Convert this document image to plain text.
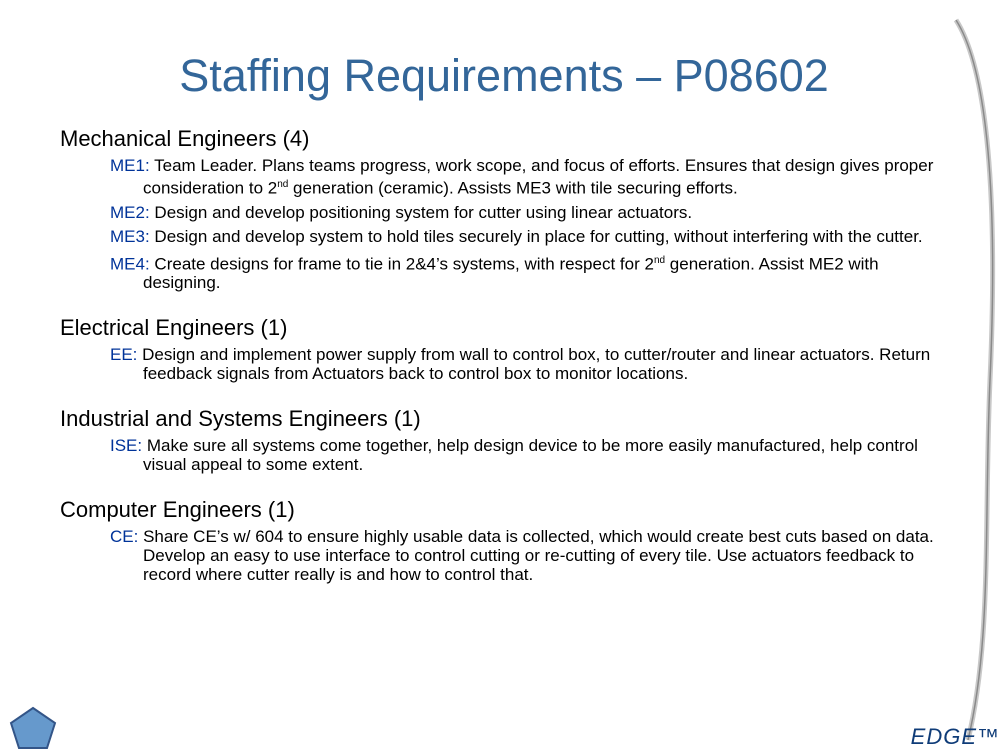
Staffing Requirements – P08602
Mechanical Engineers (4)
ME1: Team Leader. Plans teams progress, work scope, and focus of efforts. Ensures that design gives proper consideration to 2nd generation (ceramic). Assists ME3 with tile securing efforts.
ME2: Design and develop positioning system for cutter using linear actuators.
ME3: Design and develop system to hold tiles securely in place for cutting, without interfering with the cutter.
ME4: Create designs for frame to tie in 2&4’s systems, with respect for 2nd generation. Assist ME2 with designing.
Electrical Engineers (1)
EE: Design and implement power supply from wall to control box, to cutter/router and linear actuators. Return feedback signals from Actuators back to control box to monitor locations.
Industrial and Systems Engineers (1)
ISE: Make sure all systems come together, help design device to be more easily manufactured, help control visual appeal to some extent.
Computer Engineers (1)
CE: Share CE’s w/ 604 to ensure highly usable data is collected, which would create best cuts based on data. Develop an easy to use interface to control cutting or re-cutting of every tile. Use actuators feedback to record where cutter really is and how to control that.
EDGE™
